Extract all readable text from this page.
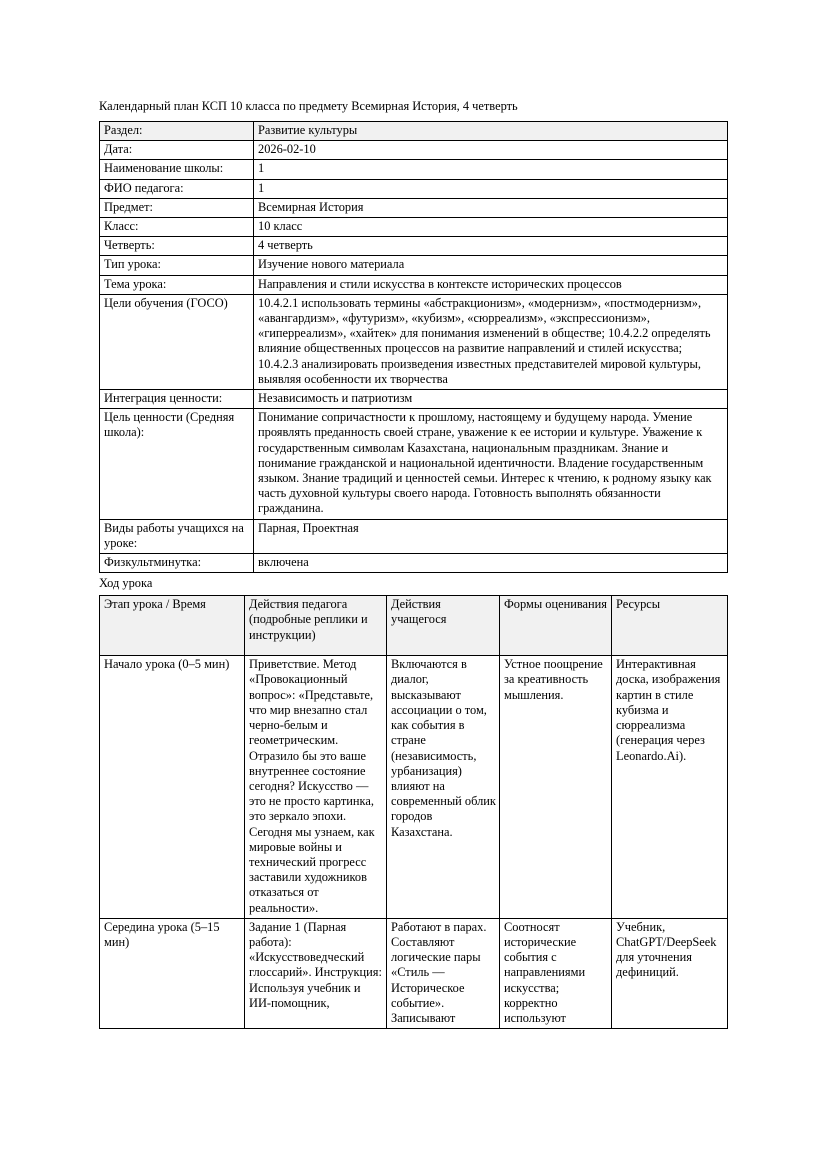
Календарный план КСП 10 класса по предмету Всемирная История, 4 четверть
Раздел:	Развитие культуры
Дата:	2026-02-10
Наименование школы:	1
ФИО педагога:	1
Предмет:	Всемирная История
Класс:	10 класс
Четверть:	4 четверть
Тип урока:	Изучение нового материала
Тема урока:	Направления и стили искусства в контексте исторических процессов
Цели обучения (ГОСО)	10.4.2.1 использовать термины «абстракционизм», «модернизм», «постмодернизм», «авангардизм», «футуризм», «кубизм», «сюрреализм», «экспрессионизм», «гиперреализм», «хайтек» для понимания изменений в обществе; 10.4.2.2 определять влияние общественных процессов на развитие направлений и стилей искусства; 10.4.2.3 анализировать произведения известных представителей мировой культуры, выявляя особенности их творчества
Интеграция ценности:	Независимость и патриотизм
Цель ценности (Средняя школа):	Понимание сопричастности к прошлому, настоящему и будущему народа. Умение проявлять преданность своей стране, уважение к ее истории и культуре. Уважение к государственным символам Казахстана, национальным праздникам. Знание и понимание гражданской и национальной идентичности. Владение государственным языком. Знание традиций и ценностей семьи. Интерес к чтению, к родному языку как часть духовной культуры своего народа. Готовность выполнять обязанности гражданина.
Виды работы учащихся на уроке:	Парная, Проектная
Физкультминутка:	включена
Ход урока
Этап урока / Время	Действия педагога (подробные реплики и инструкции)	Действия учащегося	Формы оценивания	Ресурсы
Начало урока (0–5 мин)	Приветствие. Метод «Провокационный вопрос»: «Представьте, что мир внезапно стал черно-белым и геометрическим. Отразило бы это ваше внутреннее состояние сегодня? Искусство — это не просто картинка, это зеркало эпохи. Сегодня мы узнаем, как мировые войны и технический прогресс заставили художников отказаться от реальности».	Включаются в диалог, высказывают ассоциации о том, как события в стране (независимость, урбанизация) влияют на современный облик городов Казахстана.	Устное поощрение за креативность мышления.	Интерактивная доска, изображения картин в стиле кубизма и сюрреализма (генерация через Leonardo.Ai).
Середина урока (5–15 мин)	Задание 1 (Парная работа): «Искусствоведческий глоссарий». Инструкция: Используя учебник и ИИ-помощник,	Работают в парах. Составляют логические пары «Стиль — Историческое событие». Записывают	Соотносят исторические события с направлениями искусства; корректно используют	Учебник, ChatGPT/DeepSeek для уточнения дефиниций.
